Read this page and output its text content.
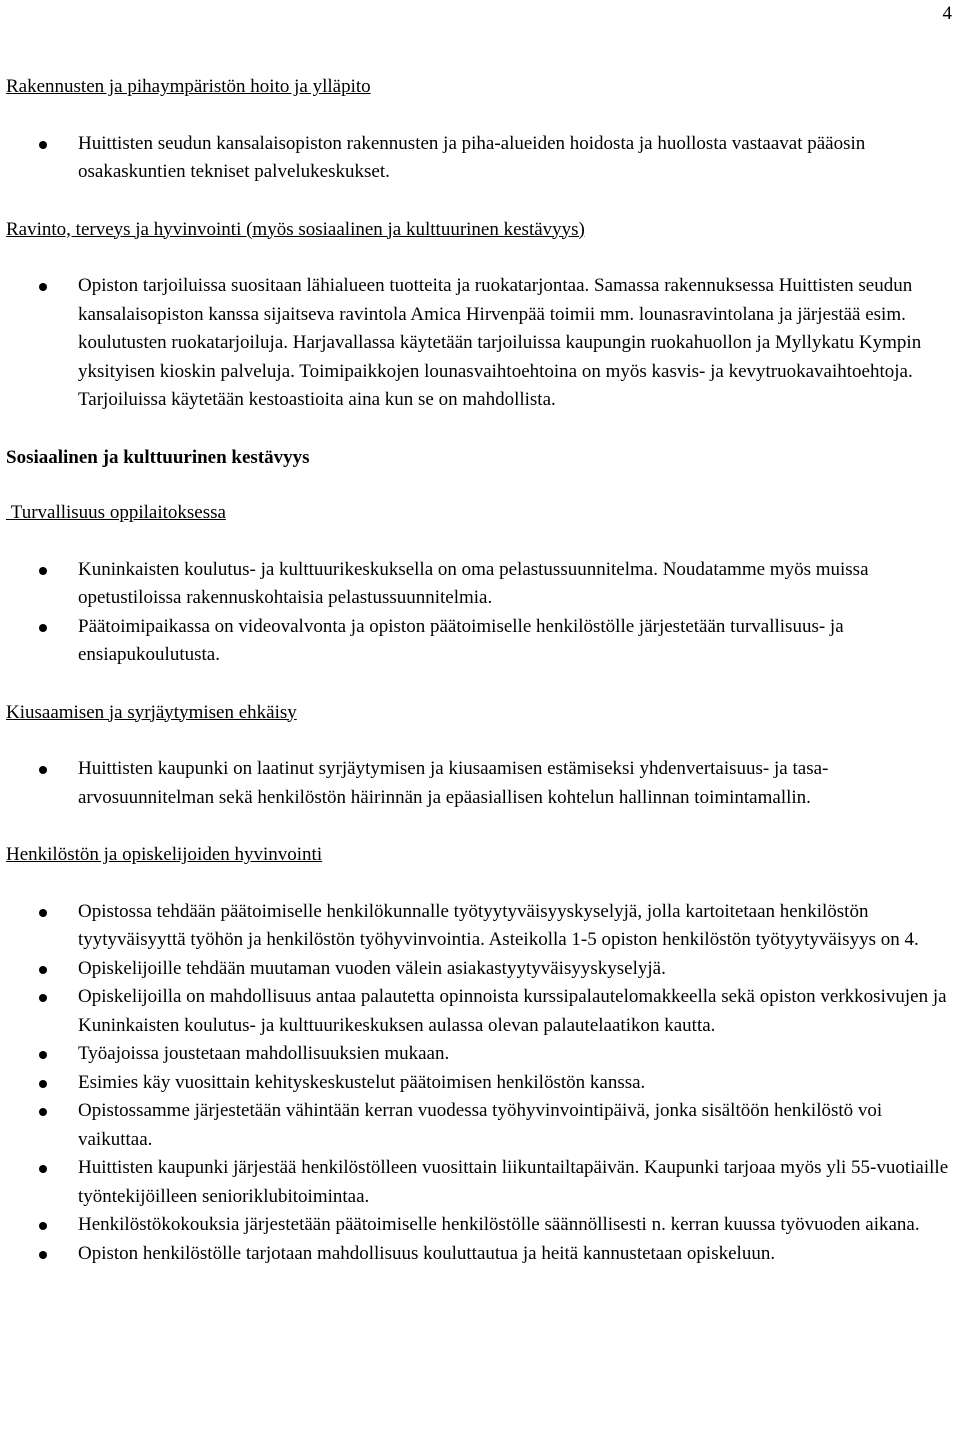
4
Rakennusten ja pihaympäristön hoito ja ylläpito
Huittisten seudun kansalaisopiston rakennusten ja piha-alueiden hoidosta ja huollosta vastaavat pääosin osakaskuntien tekniset palvelukeskukset.
Ravinto, terveys ja hyvinvointi (myös sosiaalinen ja kulttuurinen kestävyys)
Opiston tarjoiluissa suositaan lähialueen tuotteita ja ruokatarjontaa. Samassa rakennuksessa Huittisten seudun kansalaisopiston kanssa sijaitseva ravintola Amica Hirvenpää toimii mm. lounasravintolana ja järjestää esim. koulutusten ruokatarjoiluja. Harjavallassa käytetään tarjoiluissa kaupungin ruokahuollon ja Myllykatu Kympin yksityisen kioskin palveluja. Toimipaikkojen lounasvaihtoehtoina on myös kasvis- ja kevytruokavaihtoehtoja. Tarjoiluissa käytetään kestoastioita aina kun se on mahdollista.
Sosiaalinen ja kulttuurinen kestävyys
Turvallisuus oppilaitoksessa
Kuninkaisten koulutus- ja kulttuurikeskuksella on oma pelastussuunnitelma. Noudatamme myös muissa opetustiloissa rakennuskohtaisia pelastussuunnitelmia.
Päätoimipaikassa on videovalvonta ja opiston päätoimiselle henkilöstölle järjestetään turvallisuus- ja ensiapukoulutusta.
Kiusaamisen ja syrjäytymisen ehkäisy
Huittisten kaupunki on laatinut syrjäytymisen ja kiusaamisen estämiseksi yhdenvertaisuus- ja tasa-arvosuunnitelman sekä henkilöstön häirinnän ja epäasiallisen kohtelun hallinnan toimintamallin.
Henkilöstön ja opiskelijoiden hyvinvointi
Opistossa tehdään päätoimiselle henkilökunnalle työtyytyväisyyskyselyjä, jolla kartoitetaan henkilöstön tyytyväisyyttä työhön ja henkilöstön työhyvinvointia. Asteikolla 1-5 opiston henkilöstön työtyytyväisyys on 4.
Opiskelijoille tehdään muutaman vuoden välein asiakastyytyväisyyskyselyjä.
Opiskelijoilla on mahdollisuus antaa palautetta opinnoista kurssipalautelomakkeella sekä opiston verkkosivujen ja Kuninkaisten koulutus- ja kulttuurikeskuksen aulassa olevan palautelaatikon kautta.
Työajoissa joustetaan mahdollisuuksien mukaan.
Esimies käy vuosittain kehityskeskustelut päätoimisen henkilöstön kanssa.
Opistossamme järjestetään vähintään kerran vuodessa työhyvinvointipäivä, jonka sisältöön henkilöstö voi vaikuttaa.
Huittisten kaupunki järjestää henkilöstölleen vuosittain liikuntailtapäivän. Kaupunki tarjoaa myös yli 55-vuotiaille työntekijöilleen senioriklubitoimintaa.
Henkilöstökokouksia järjestetään päätoimiselle henkilöstölle säännöllisesti n. kerran kuussa työvuoden aikana.
Opiston henkilöstölle tarjotaan mahdollisuus kouluttautua ja heitä kannustetaan opiskeluun.
